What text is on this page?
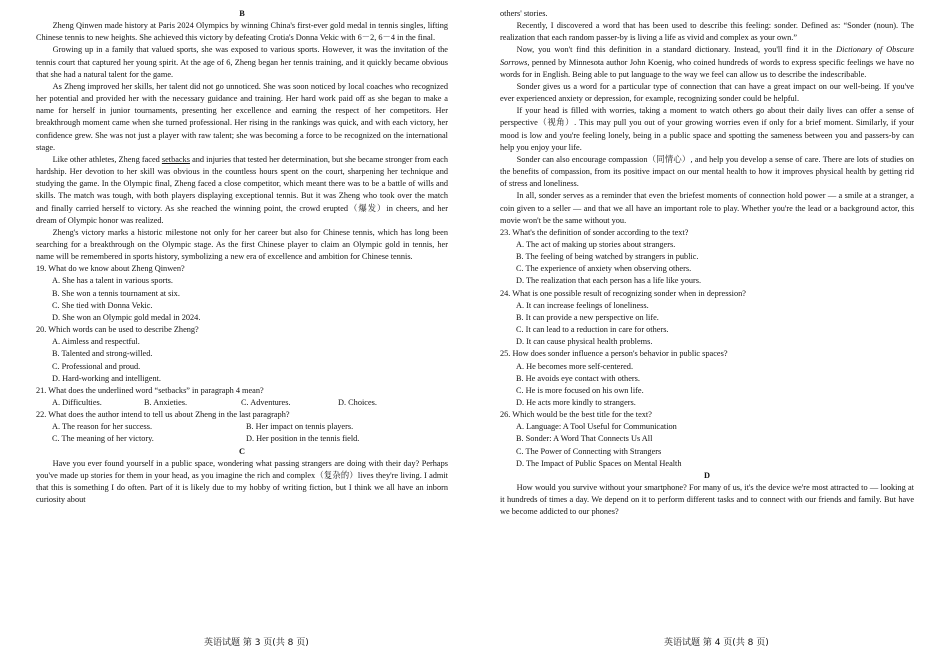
B

Zheng Qinwen made history at Paris 2024 Olympics by winning China's first-ever gold medal in tennis singles, lifting Chinese tennis to new heights. She achieved this victory by defeating Crotia's Donna Vekic with 6－2, 6－4 in the final.

Growing up in a family that valued sports, she was exposed to various sports. However, it was the invitation of the tennis court that captured her young spirit. At the age of 6, Zheng began her tennis training, and it quickly became obvious that she had a natural talent for the game.

As Zheng improved her skills, her talent did not go unnoticed. She was soon noticed by local coaches who recognized her potential and provided her with the necessary guidance and training. Her hard work paid off as she began to make a name for herself in junior tournaments, presenting her excellence and earning the respect of her competitors. Her breakthrough moment came when she turned professional. Her rising in the rankings was quick, and with each victory, her confidence grew. She was not just a player with raw talent; she was becoming a force to be recognized on the international stage.

Like other athletes, Zheng faced setbacks and injuries that tested her determination, but she became stronger from each hardship. Her devotion to her skill was obvious in the countless hours spent on the court, sharpening her technique and studying the game. In the Olympic final, Zheng faced a close competitor, which meant there was to be a battle of wills and skills. The match was tough, with both players displaying exceptional tennis. But it was Zheng who took over the match and finally carried herself to victory. As she reached the winning point, the crowd erupted（爆发）in cheers, and her dream of Olympic honor was realized.

Zheng's victory marks a historic milestone not only for her career but also for Chinese tennis, which has long been searching for a breakthrough on the Olympic stage. As the first Chinese player to claim an Olympic gold in tennis, her name will be remembered in sports history, symbolizing a new era of excellence and ambition for Chinese tennis.

19. What do we know about Zheng Qinwen?

A. She has a talent in various sports.

B. She won a tennis tournament at six.

C. She tied with Donna Vekic.

D. She won an Olympic gold medal in 2024.

20. Which words can be used to describe Zheng?

A. Aimless and respectful.

B. Talented and strong-willed.

C. Professional and proud.

D. Hard-working and intelligent.

21. What does the underlined word “setbacks” in paragraph 4 mean?

A. Difficulties.	B. Anxieties.	C. Adventures.	D. Choices.

22. What does the author intend to tell us about Zheng in the last paragraph?

A. The reason for her success.	B. Her impact on tennis players.
C. The meaning of her victory.	D. Her position in the tennis field.

C

Have you ever found yourself in a public space, wondering what passing strangers are doing with their day? Perhaps you've made up stories for them in your head, as you imagine the rich and complex（复杂的）lives they're living. I admit that this is something I do often. Part of it is likely due to my hobby of writing fiction, but I think we all have an inborn curiosity about

others' stories.

Recently, I discovered a word that has been used to describe this feeling: sonder. Defined as: “Sonder (noun). The realization that each random passer-by is living a life as vivid and complex as your own.”

Now, you won't find this definition in a standard dictionary. Instead, you'll find it in the Dictionary of Obscure Sorrows, penned by Minnesota author John Koenig, who coined hundreds of words to express specific feelings we have no words for in English. Being able to put language to the way we feel can allow us to describe the indescribable.

Sonder gives us a word for a particular type of connection that can have a great impact on our well-being. If you've ever experienced anxiety or depression, for example, recognizing sonder could be helpful.

If your head is filled with worries, taking a moment to watch others go about their daily lives can offer a sense of perspective（视角）. This may pull you out of your growing worries even if only for a brief moment. Similarly, if your mood is low and you're feeling lonely, being in a public space and spotting the sameness between you and passers-by can help you enjoy your life.

Sonder can also encourage compassion（同情心）, and help you develop a sense of care. There are lots of studies on the benefits of compassion, from its positive impact on our mental health to how it improves physical health by getting rid of stress and loneliness.

In all, sonder serves as a reminder that even the briefest moments of connection hold power — a smile at a stranger, a coin given to a seller — and that we all have an important role to play. Whether you're the lead or a background actor, this movie won't be the same without you.

23. What's the definition of sonder according to the text?

A. The act of making up stories about strangers.

B. The feeling of being watched by strangers in public.

C. The experience of anxiety when observing others.

D. The realization that each person has a life like yours.

24. What is one possible result of recognizing sonder when in depression?

A. It can increase feelings of loneliness.

B. It can provide a new perspective on life.

C. It can lead to a reduction in care for others.

D. It can cause physical health problems.

25. How does sonder influence a person's behavior in public spaces?

A. He becomes more self-centered.

B. He avoids eye contact with others.

C. He is more focused on his own life.

D. He acts more kindly to strangers.

26. Which would be the best title for the text?

A. Language: A Tool Useful for Communication

B. Sonder: A Word That Connects Us All

C. The Power of Connecting with Strangers

D. The Impact of Public Spaces on Mental Health

D

How would you survive without your smartphone? For many of us, it's the device we're most attracted to — looking at it hundreds of times a day. We depend on it to perform different tasks and to connect with our friends and family. But have we become addicted to our phones?

英语试题 第 3 页(共 8 页)	英语试题 第 4 页(共 8 页)
